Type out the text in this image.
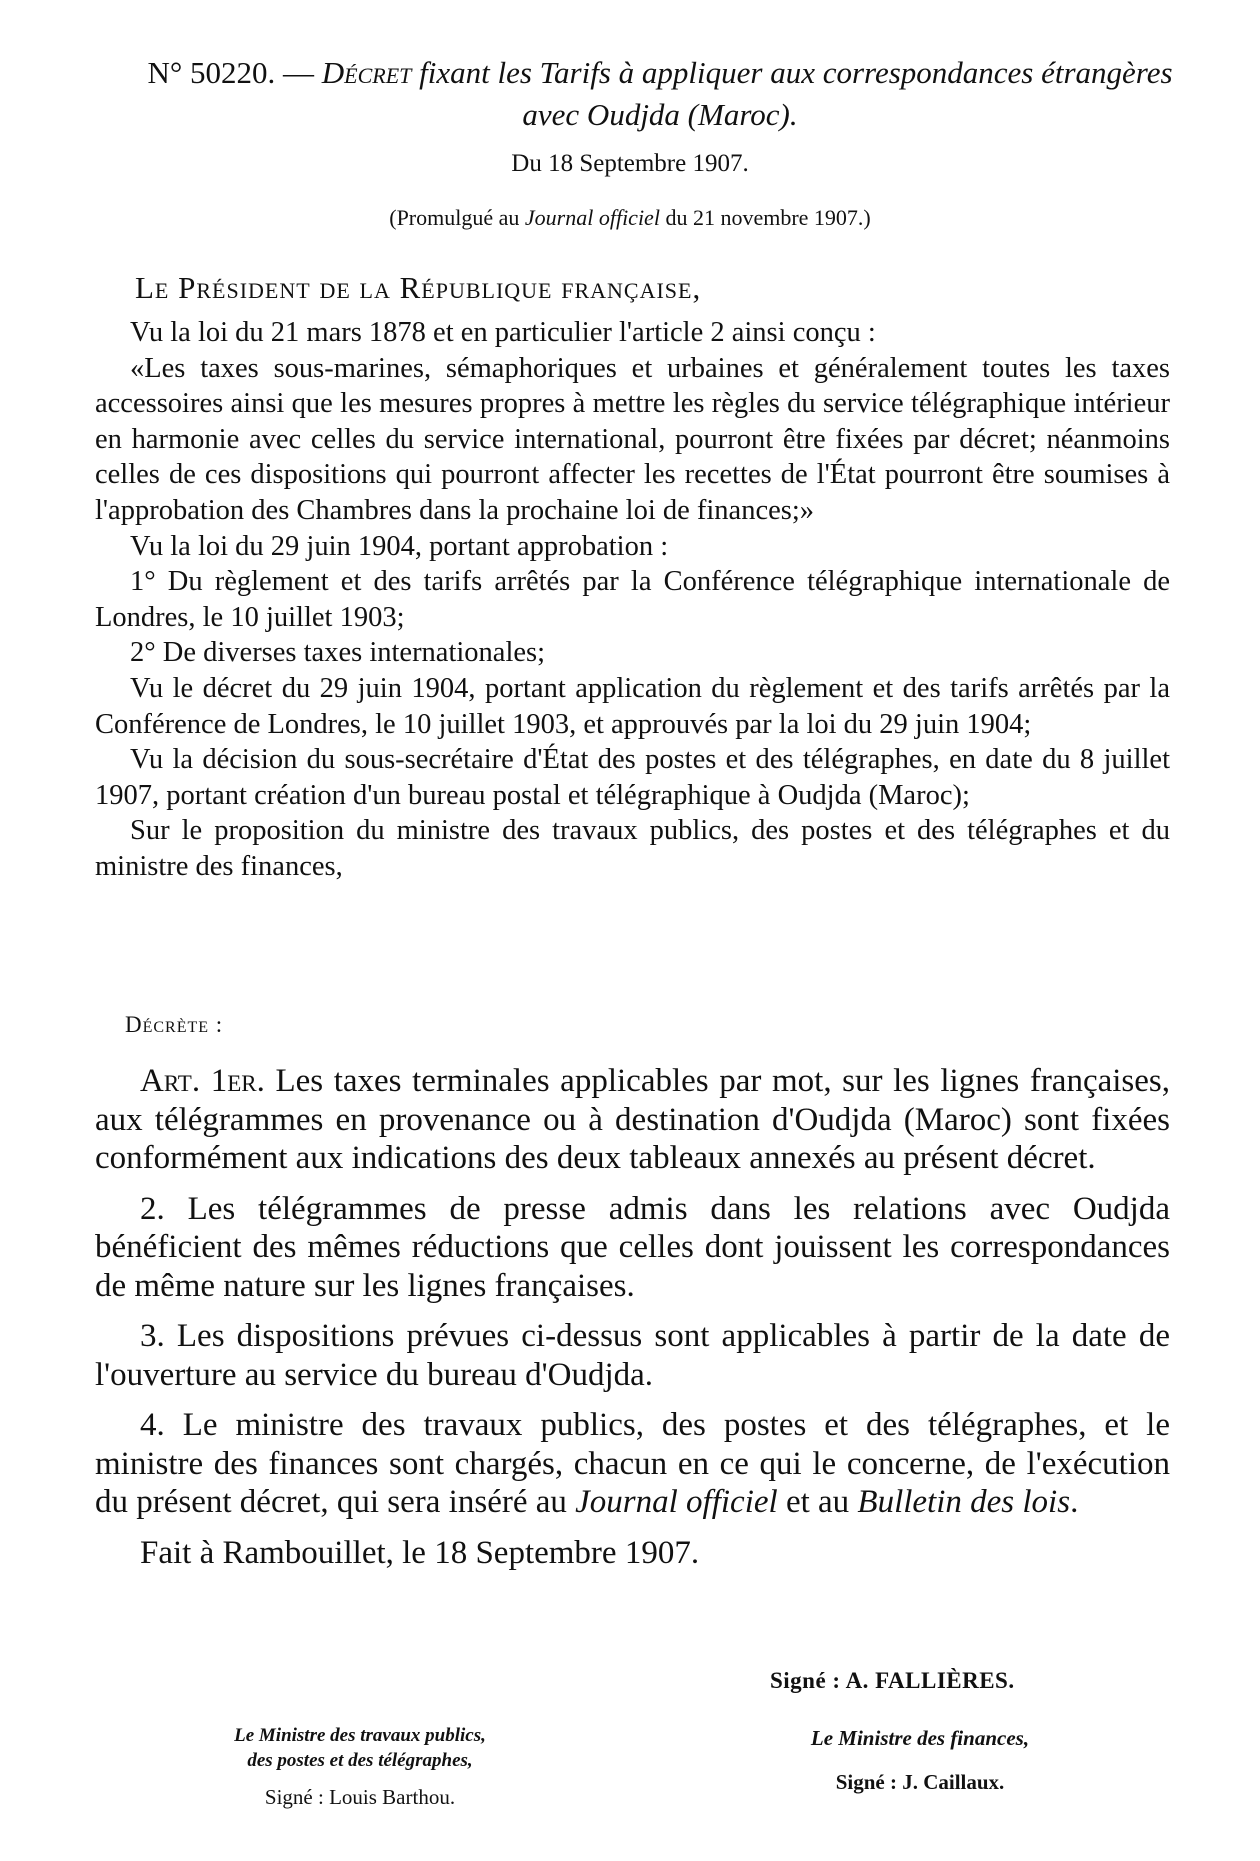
N° 50220. — Décret fixant les Tarifs à appliquer aux correspondances étrangères avec Oudjda (Maroc).
Du 18 Septembre 1907.
(Promulgué au Journal officiel du 21 novembre 1907.)
Le Président de la République française,

Vu la loi du 21 mars 1878 et en particulier l'article 2 ainsi conçu :

«Les taxes sous-marines, sémaphoriques et urbaines et généralement toutes les taxes accessoires ainsi que les mesures propres à mettre les règles du service télégraphique intérieur en harmonie avec celles du service international, pourront être fixées par décret; néanmoins celles de ces dispositions qui pourront affecter les recettes de l'État pourront être soumises à l'approbation des Chambres dans la prochaine loi de finances;»

Vu la loi du 29 juin 1904, portant approbation :

1° Du règlement et des tarifs arrêtés par la Conférence télégraphique internationale de Londres, le 10 juillet 1903;

2° De diverses taxes internationales;

Vu le décret du 29 juin 1904, portant application du règlement et des tarifs arrêtés par la Conférence de Londres, le 10 juillet 1903, et approuvés par la loi du 29 juin 1904;

Vu la décision du sous-secrétaire d'État des postes et des télégraphes, en date du 8 juillet 1907, portant création d'un bureau postal et télégraphique à Oudjda (Maroc);

Sur le proposition du ministre des travaux publics, des postes et des télégraphes et du ministre des finances,

Décrète :

Art. 1er. Les taxes terminales applicables par mot, sur les lignes françaises, aux télégrammes en provenance ou à destination d'Oudjda (Maroc) sont fixées conformément aux indications des deux tableaux annexés au présent décret.

2. Les télégrammes de presse admis dans les relations avec Oudjda bénéficient des mêmes réductions que celles dont jouissent les correspondances de même nature sur les lignes françaises.

3. Les dispositions prévues ci-dessus sont applicables à partir de la date de l'ouverture au service du bureau d'Oudjda.

4. Le ministre des travaux publics, des postes et des télégraphes, et le ministre des finances sont chargés, chacun en ce qui le concerne, de l'exécution du présent décret, qui sera inséré au Journal officiel et au Bulletin des lois.

Fait à Rambouillet, le 18 Septembre 1907.

Signé : A. FALLIÈRES.
Le Ministre des travaux publics,
des postes et des télégraphes,
Signé : Louis Barthou.
Le Ministre des finances,
Signé : J. Caillaux.
